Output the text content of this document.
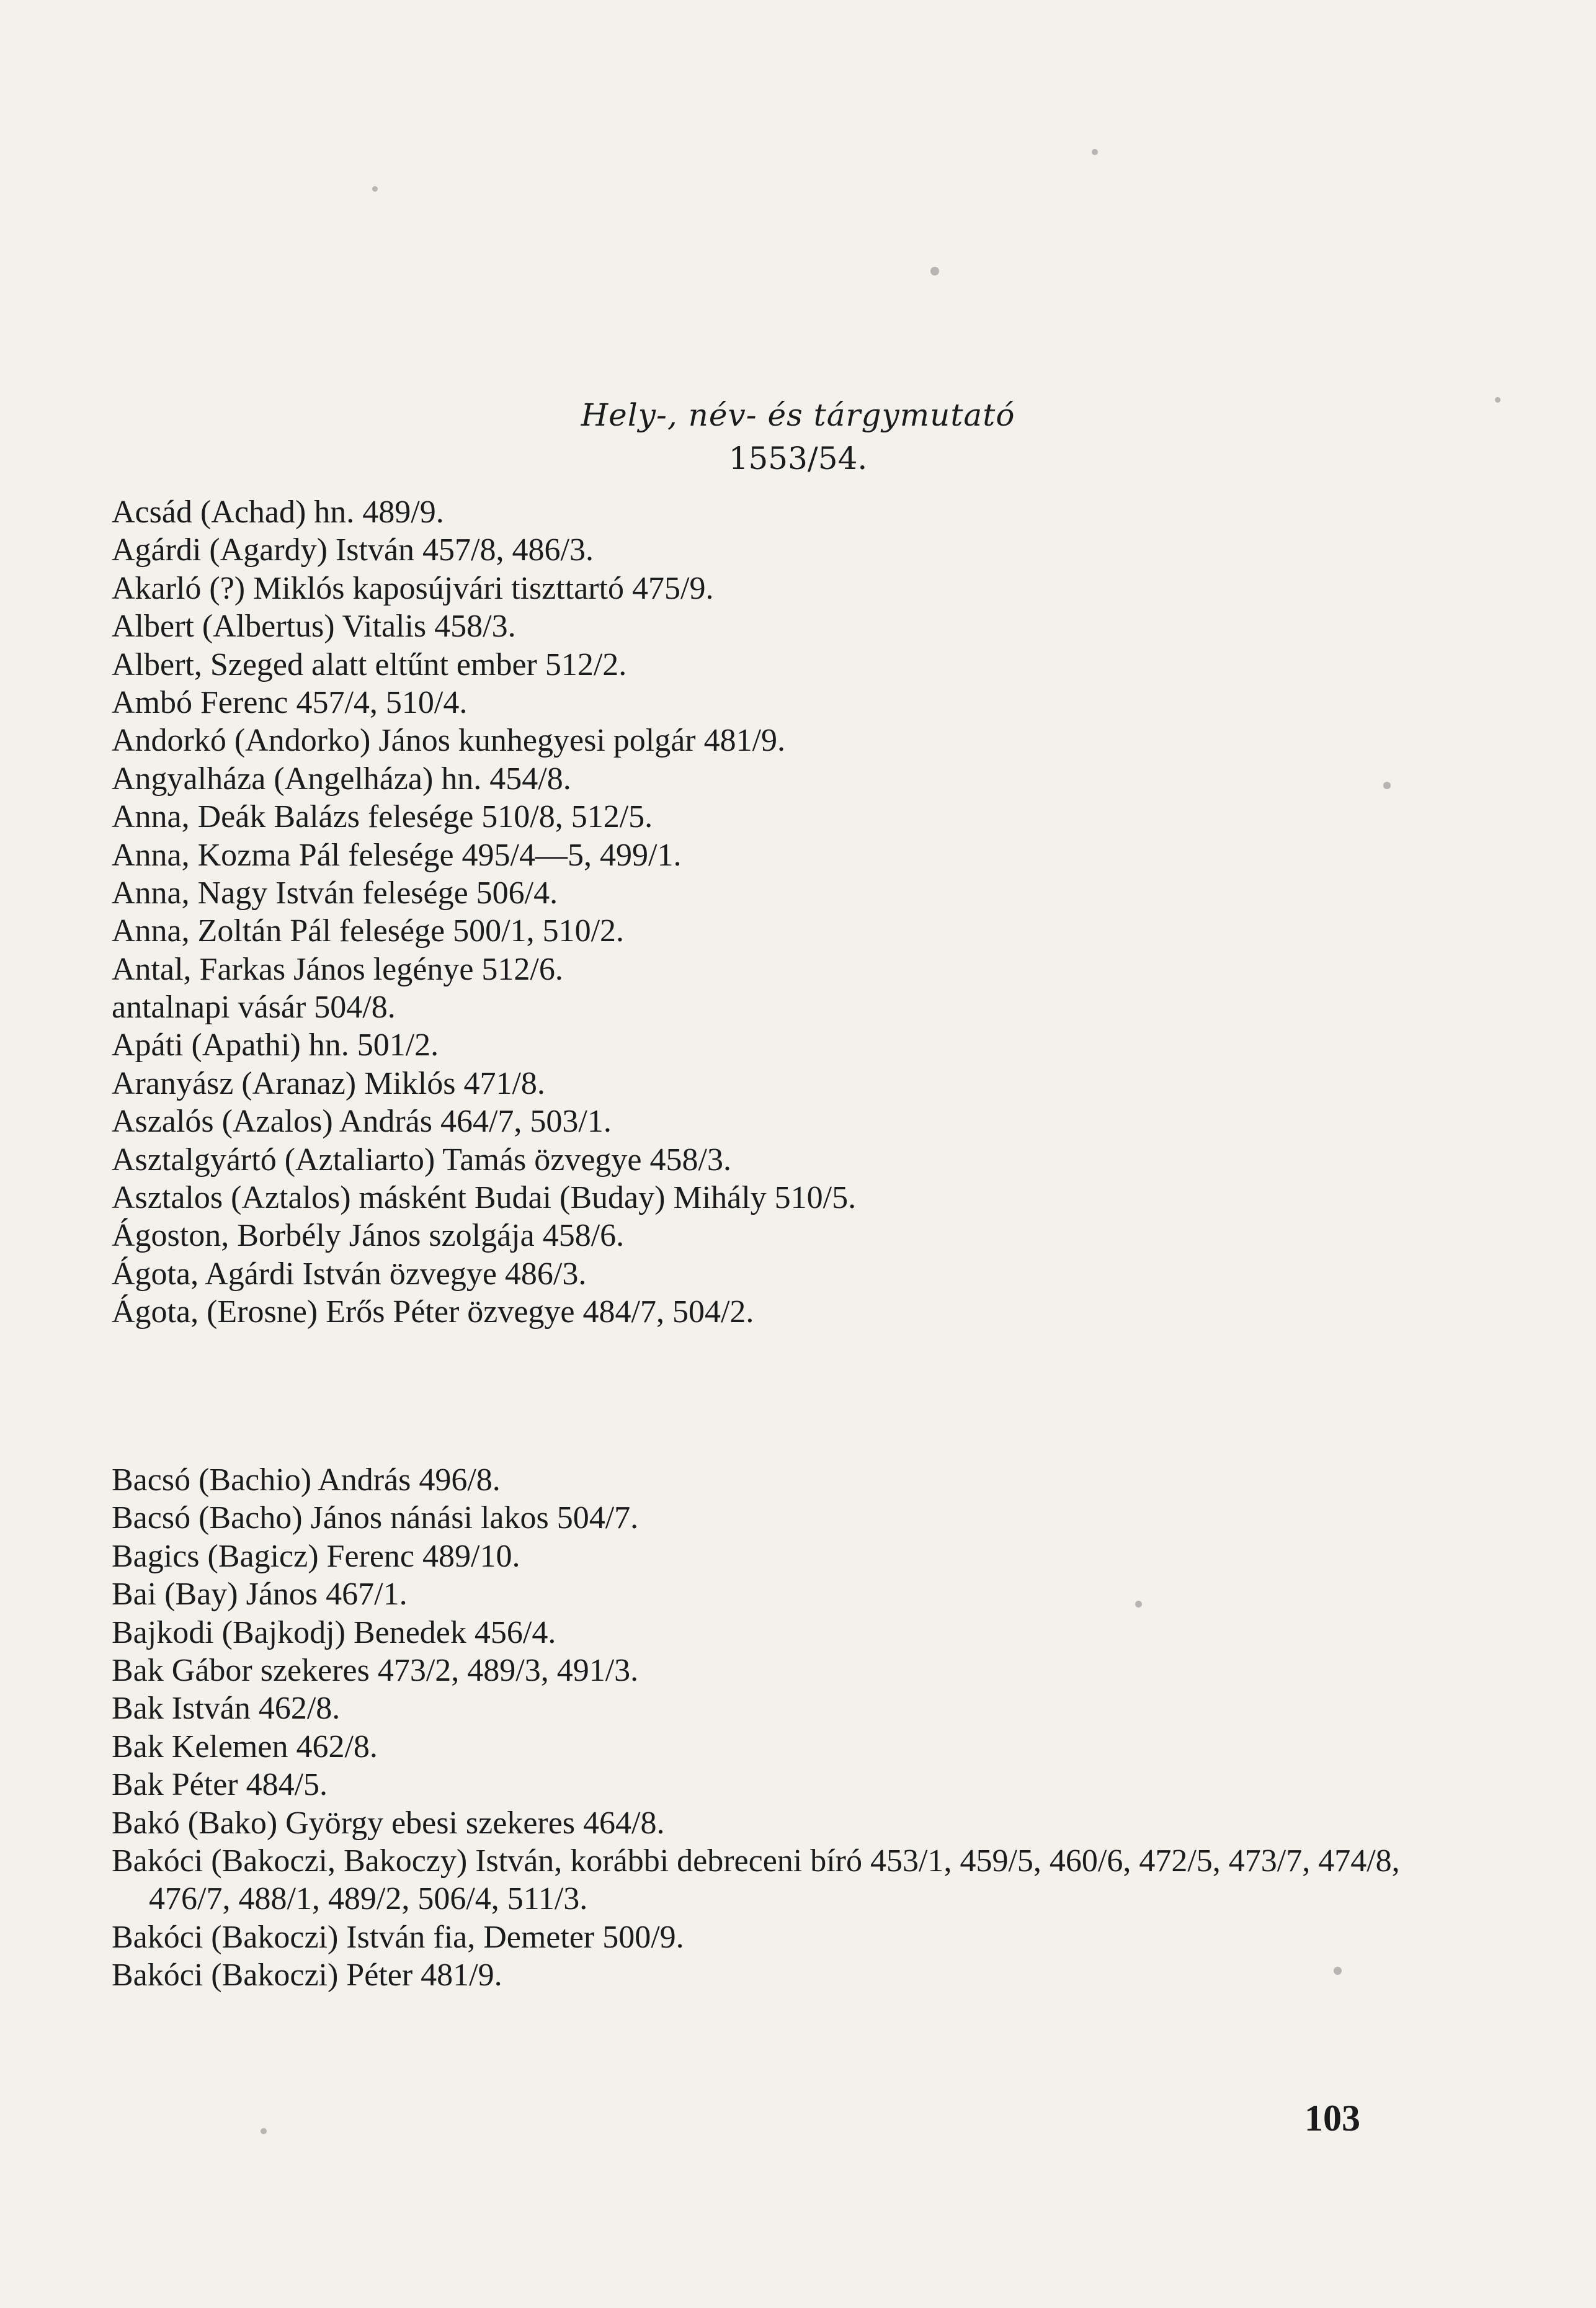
Hely-, név- és tárgymutató
1553/54.
Acsád (Achad) hn. 489/9.
Agárdi (Agardy) István 457/8, 486/3.
Akarló (?) Miklós kaposújvári tiszttartó 475/9.
Albert (Albertus) Vitalis 458/3.
Albert, Szeged alatt eltűnt ember 512/2.
Ambó Ferenc 457/4, 510/4.
Andorkó (Andorko) János kunhegyesi polgár 481/9.
Angyalháza (Angelháza) hn. 454/8.
Anna, Deák Balázs felesége 510/8, 512/5.
Anna, Kozma Pál felesége 495/4—5, 499/1.
Anna, Nagy István felesége 506/4.
Anna, Zoltán Pál felesége 500/1, 510/2.
Antal, Farkas János legénye 512/6.
antalnapi vásár 504/8.
Apáti (Apathi) hn. 501/2.
Aranyász (Aranaz) Miklós 471/8.
Aszalós (Azalos) András 464/7, 503/1.
Asztalgyártó (Aztaliarto) Tamás özvegye 458/3.
Asztalos (Aztalos) másként Budai (Buday) Mihály 510/5.
Ágoston, Borbély János szolgája 458/6.
Ágota, Agárdi István özvegye 486/3.
Ágota, (Erosne) Erős Péter özvegye 484/7, 504/2.
Bacsó (Bachio) András 496/8.
Bacsó (Bacho) János nánási lakos 504/7.
Bagics (Bagicz) Ferenc 489/10.
Bai (Bay) János 467/1.
Bajkodi (Bajkodj) Benedek 456/4.
Bak Gábor szekeres 473/2, 489/3, 491/3.
Bak István 462/8.
Bak Kelemen 462/8.
Bak Péter 484/5.
Bakó (Bako) György ebesi szekeres 464/8.
Bakóci (Bakoczi, Bakoczy) István, korábbi debreceni bíró 453/1, 459/5, 460/6, 472/5, 473/7, 474/8, 476/7, 488/1, 489/2, 506/4, 511/3.
Bakóci (Bakoczi) István fia, Demeter 500/9.
Bakóci (Bakoczi) Péter 481/9.
103
